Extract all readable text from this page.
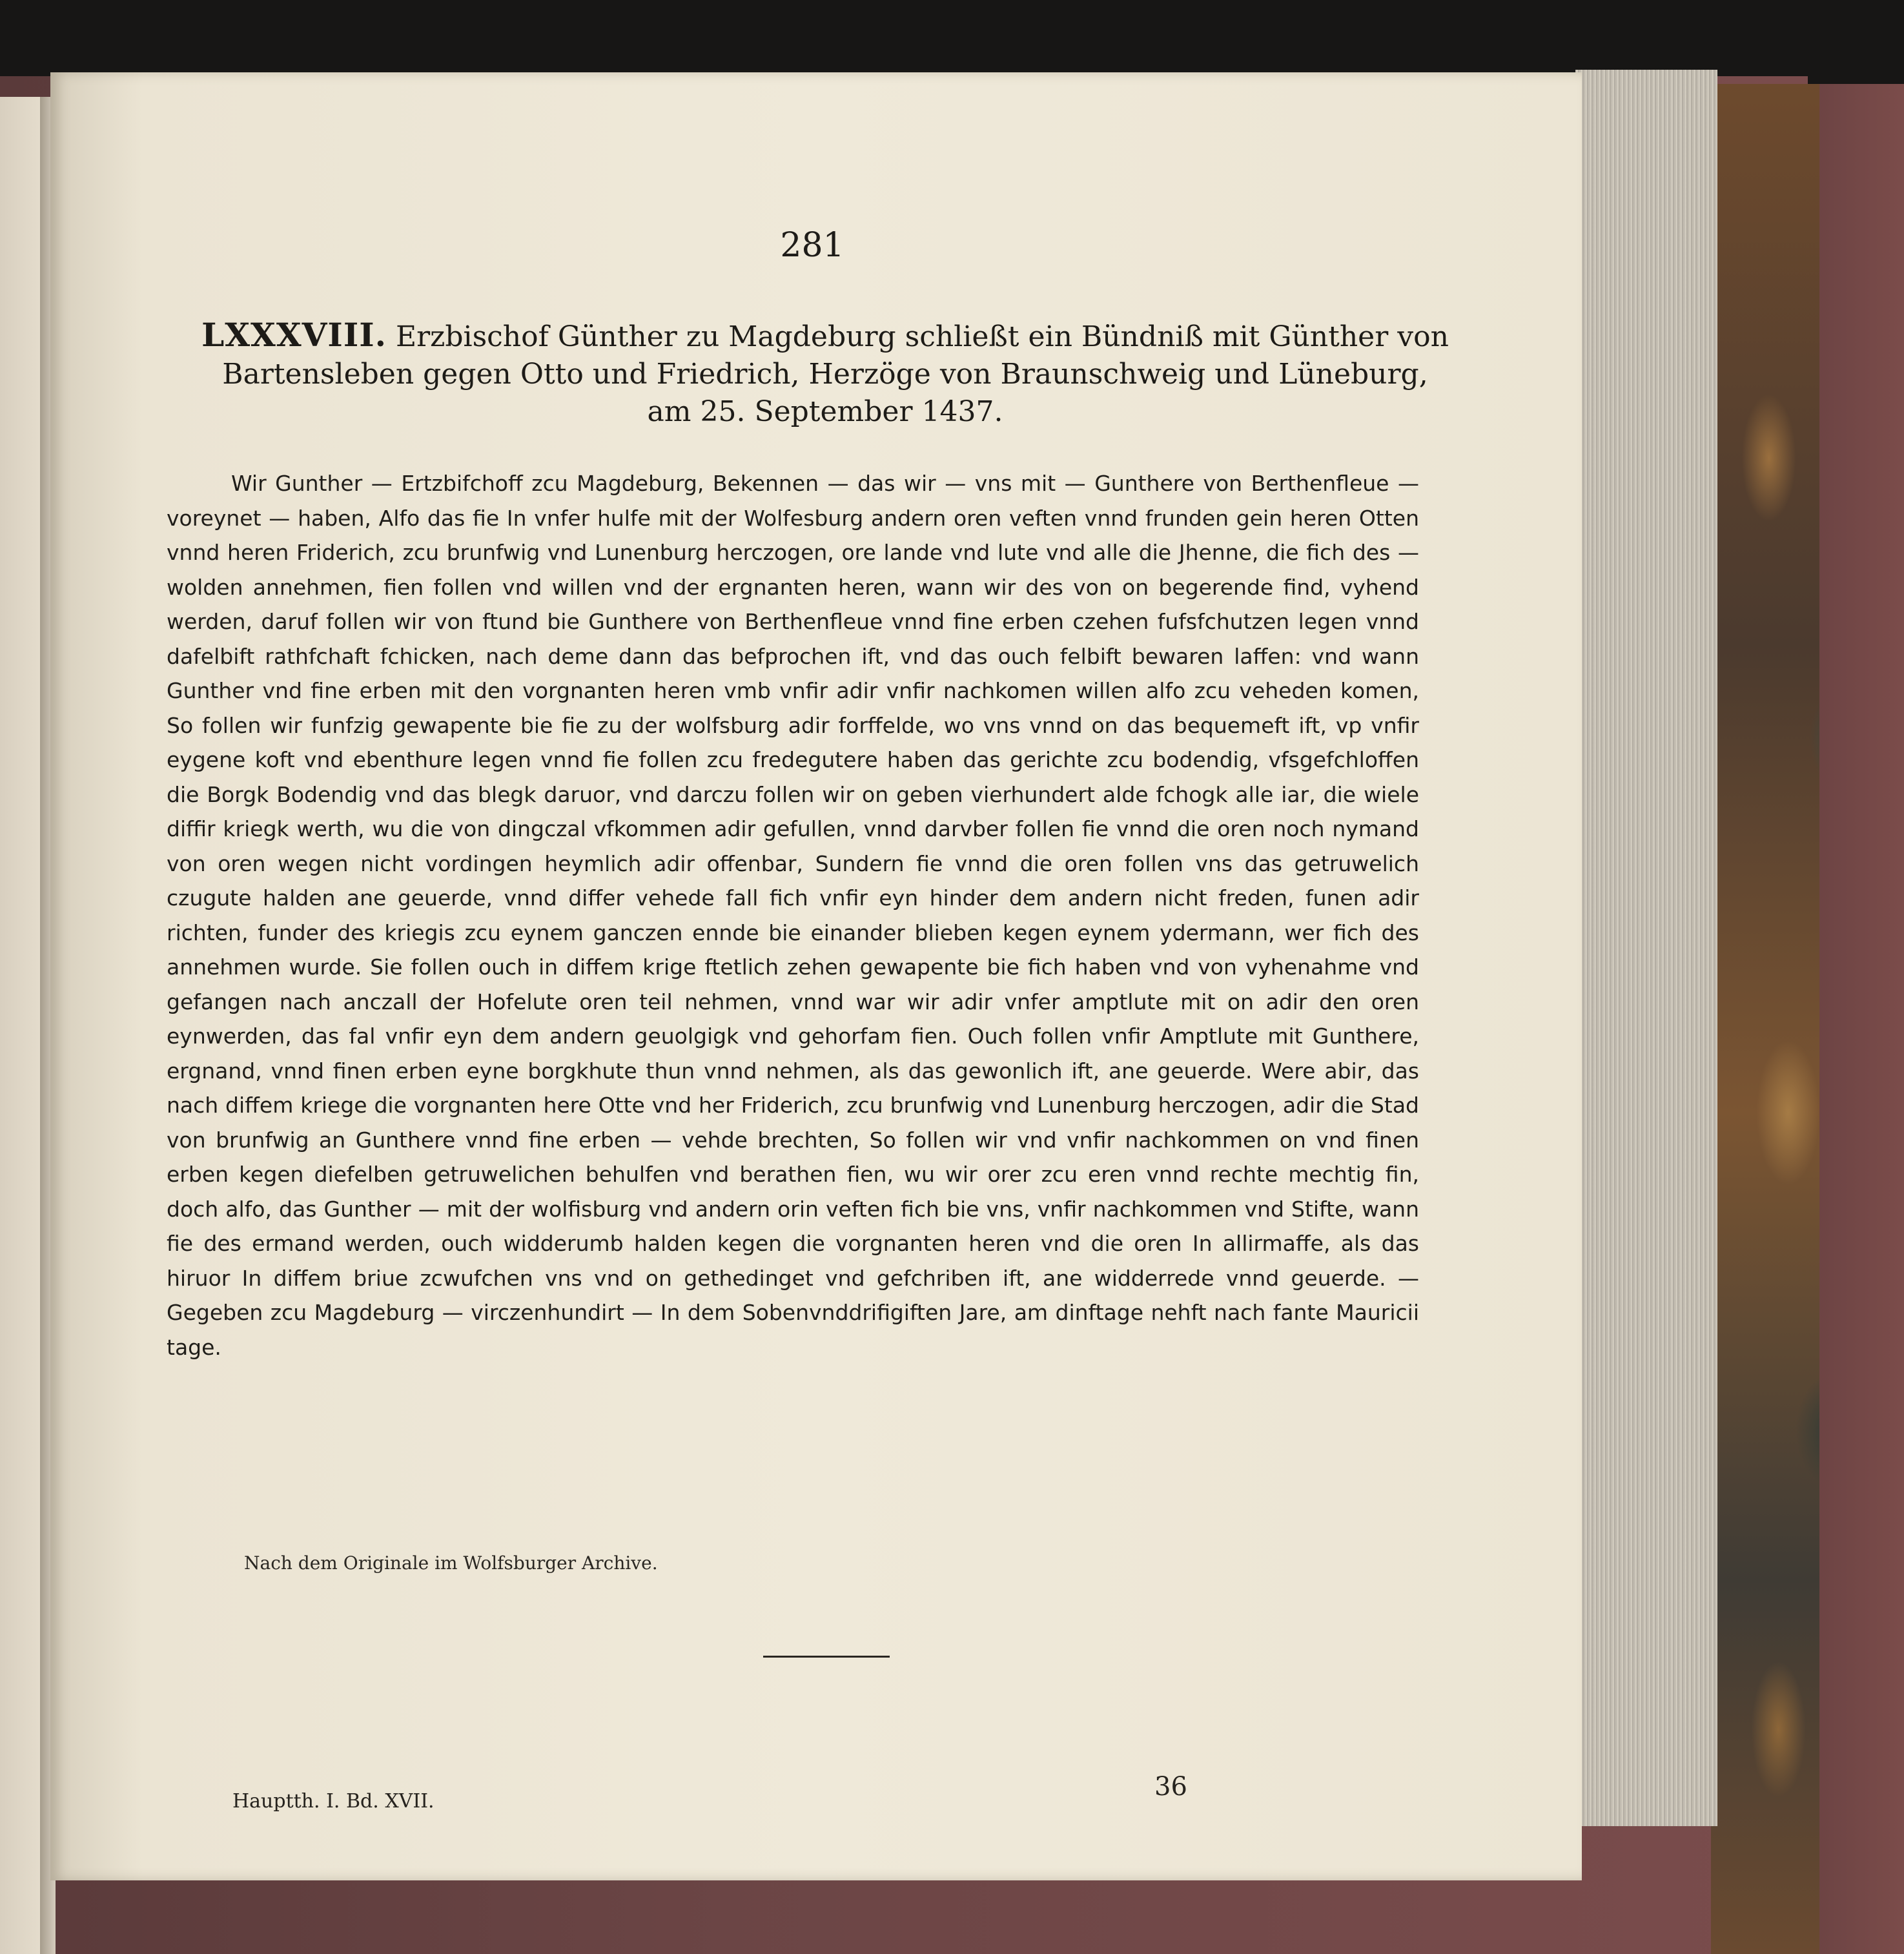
281
LXXXVIII. Erzbischof Günther zu Magdeburg schließt ein Bündniß mit Günther von
Bartensleben gegen Otto und Friedrich, Herzöge von Braunschweig und Lüneburg,
am 25. September 1437.

Wir Gunther — Ertzbifchoff zcu Magdeburg, Bekennen — das wir — vns mit — Gunthere von Berthenfleue — voreynet — haben, Alfo das fie In vnfer hulfe mit der Wolfesburg andern oren veften vnnd frunden gein heren Otten vnnd heren Friderich, zcu brunfwig vnd Lunenburg herczogen, ore lande vnd lute vnd alle die Jhenne, die fich des — wolden annehmen, fien follen vnd willen vnd der ergnanten heren, wann wir des von on begerende find, vyhend werden, daruf follen wir von ftund bie Gunthere von Berthenfleue vnnd fine erben czehen fufsfchutzen legen vnnd dafelbift rathfchaft fchicken, nach deme dann das befprochen ift, vnd das ouch felbift bewaren laffen: vnd wann Gunther vnd fine erben mit den vorgnanten heren vmb vnfir adir vnfir nachkomen willen alfo zcu veheden komen, So follen wir funfzig gewapente bie fie zu der wolfsburg adir forffelde, wo vns vnnd on das bequemeft ift, vp vnfir eygene koft vnd ebenthure legen vnnd fie follen zcu fredegutere haben das gerichte zcu bodendig, vfsgefchloffen die Borgk Bodendig vnd das blegk daruor, vnd darczu follen wir on geben vierhundert alde fchogk alle iar, die wiele diffir kriegk werth, wu die von dingczal vfkommen adir gefullen, vnnd darvber follen fie vnnd die oren noch nymand von oren wegen nicht vordingen heymlich adir offenbar, Sundern fie vnnd die oren follen vns das getruwelich czugute halden ane geuerde, vnnd differ vehede fall fich vnfir eyn hinder dem andern nicht freden, funen adir richten, funder des kriegis zcu eynem ganczen ennde bie einander blieben kegen eynem ydermann, wer fich des annehmen wurde. Sie follen ouch in diffem krige ftetlich zehen gewapente bie fich haben vnd von vyhenahme vnd gefangen nach anczall der Hofelute oren teil nehmen, vnnd war wir adir vnfer amptlute mit on adir den oren eynwerden, das fal vnfir eyn dem andern geuolgigk vnd gehorfam fien. Ouch follen vnfir Amptlute mit Gunthere, ergnand, vnnd finen erben eyne borgkhute thun vnnd nehmen, als das gewonlich ift, ane geuerde. Were abir, das nach diffem kriege die vorgnanten here Otte vnd her Friderich, zcu brunfwig vnd Lunenburg herczogen, adir die Stad von brunfwig an Gunthere vnnd fine erben — vehde brechten, So follen wir vnd vnfir nachkommen on vnd finen erben kegen diefelben getruwelichen behulfen vnd berathen fien, wu wir orer zcu eren vnnd rechte mechtig fin, doch alfo, das Gunther — mit der wolfisburg vnd andern orin veften fich bie vns, vnfir nachkommen vnd Stifte, wann fie des ermand werden, ouch widderumb halden kegen die vorgnanten heren vnd die oren In allirmaffe, als das hiruor In diffem briue zcwufchen vns vnd on gethedinget vnd gefchriben ift, ane widderrede vnnd geuerde. — Gegeben zcu Magdeburg — virczenhundirt — In dem Sobenvnddrifigiften Jare, am dinftage nehft nach fante Mauricii tage.

Nach dem Originale im Wolfsburger Archive.
Hauptth. I. Bd. XVII.	36
